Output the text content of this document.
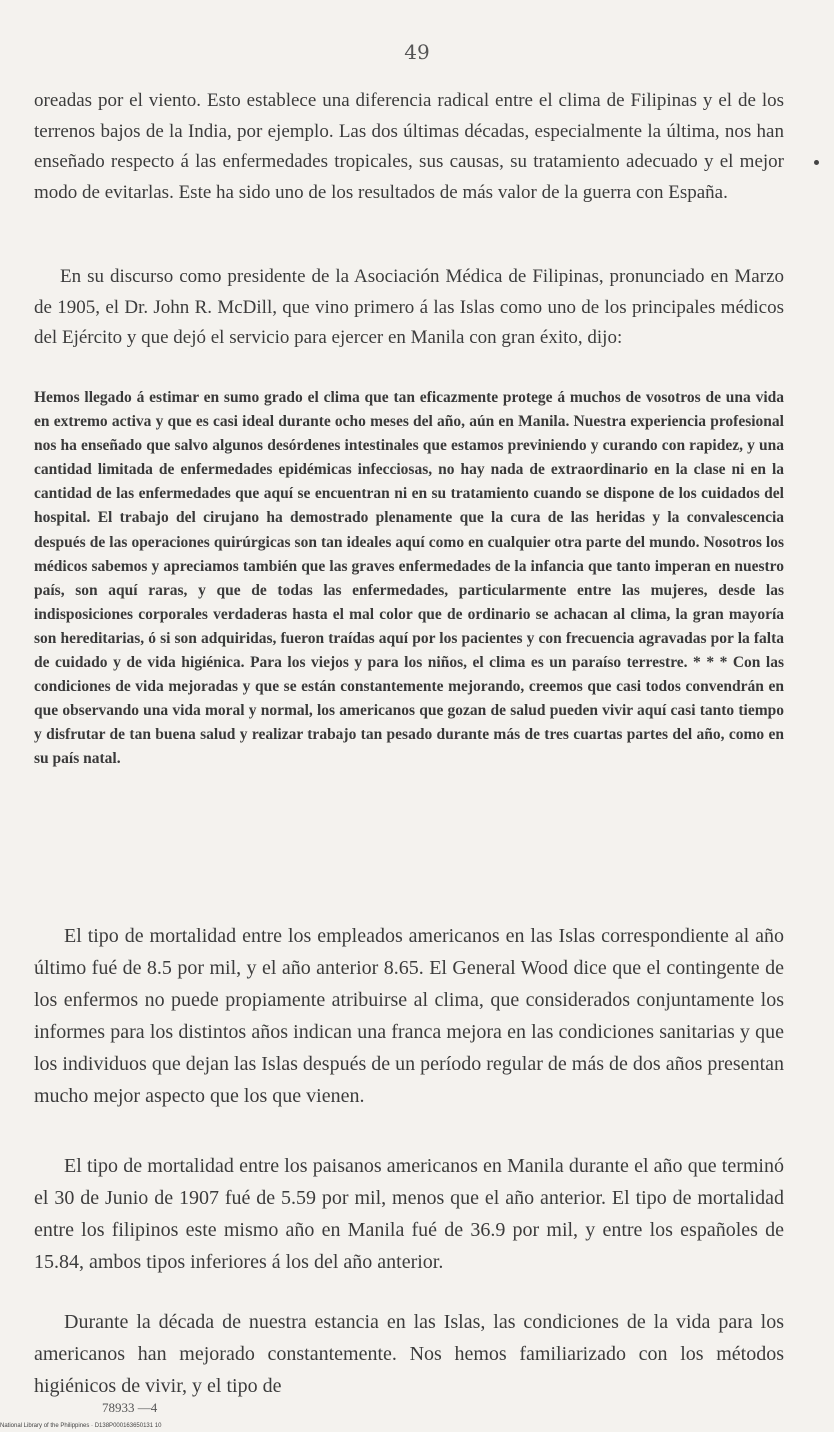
49
oreadas por el viento. Esto establece una diferencia radical entre el clima de Filipinas y el de los terrenos bajos de la India, por ejemplo. Las dos últimas décadas, especialmente la última, nos han enseñado respecto á las enfermedades tropicales, sus causas, su tratamiento adecuado y el mejor modo de evitarlas. Este ha sido uno de los resultados de más valor de la guerra con España.
En su discurso como presidente de la Asociación Médica de Filipinas, pronunciado en Marzo de 1905, el Dr. John R. McDill, que vino primero á las Islas como uno de los principales médicos del Ejército y que dejó el servicio para ejercer en Manila con gran éxito, dijo:
Hemos llegado á estimar en sumo grado el clima que tan eficazmente protege á muchos de vosotros de una vida en extremo activa y que es casi ideal durante ocho meses del año, aún en Manila. Nuestra experiencia profesional nos ha enseñado que salvo algunos desórdenes intestinales que estamos previniendo y curando con rapidez, y una cantidad limitada de enfermedades epidémicas infecciosas, no hay nada de extraordinario en la clase ni en la cantidad de las enfermedades que aquí se encuentran ni en su tratamiento cuando se dispone de los cuidados del hospital. El trabajo del cirujano ha demostrado plenamente que la cura de las heridas y la convalescencia después de las operaciones quirúrgicas son tan ideales aquí como en cualquier otra parte del mundo. Nosotros los médicos sabemos y apreciamos también que las graves enfermedades de la infancia que tanto imperan en nuestro país, son aquí raras, y que de todas las enfermedades, particularmente entre las mujeres, desde las indisposiciones corporales verdaderas hasta el mal color que de ordinario se achacan al clima, la gran mayoría son hereditarias, ó si son adquiridas, fueron traídas aquí por los pacientes y con frecuencia agravadas por la falta de cuidado y de vida higiénica. Para los viejos y para los niños, el clima es un paraíso terrestre. * * * Con las condiciones de vida mejoradas y que se están constantemente mejorando, creemos que casi todos convendrán en que observando una vida moral y normal, los americanos que gozan de salud pueden vivir aquí casi tanto tiempo y disfrutar de tan buena salud y realizar trabajo tan pesado durante más de tres cuartas partes del año, como en su país natal.
El tipo de mortalidad entre los empleados americanos en las Islas correspondiente al año último fué de 8.5 por mil, y el año anterior 8.65. El General Wood dice que el contingente de los enfermos no puede propiamente atribuirse al clima, que considerados conjuntamente los informes para los distintos años indican una franca mejora en las condiciones sanitarias y que los individuos que dejan las Islas después de un período regular de más de dos años presentan mucho mejor aspecto que los que vienen.
El tipo de mortalidad entre los paisanos americanos en Manila durante el año que terminó el 30 de Junio de 1907 fué de 5.59 por mil, menos que el año anterior. El tipo de mortalidad entre los filipinos este mismo año en Manila fué de 36.9 por mil, y entre los españoles de 15.84, ambos tipos inferiores á los del año anterior.
Durante la década de nuestra estancia en las Islas, las condiciones de la vida para los americanos han mejorado constantemente. Nos hemos familiarizado con los métodos higiénicos de vivir, y el tipo de
78933 —4
National Library of the Philippines · D138P000163650131 10
